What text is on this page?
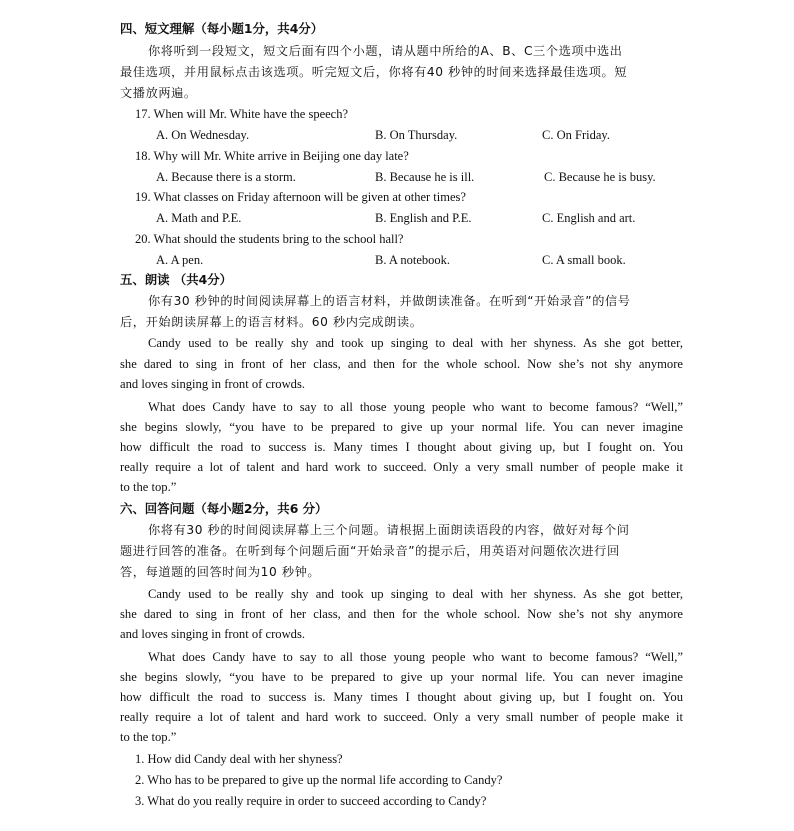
四、短文理解（每小题1分，共4分）
你将听到一段短文，短文后面有四个小题，请从题中所给的A、B、C三个选项中选出
最佳选项，并用鼠标点击该选项。听完短文后，你将有40 秒钟的时间来选择最佳选项。短
文播放两遍。
17. When will Mr. White have the speech?
A. On Wednesday.	B. On Thursday.	C. On Friday.
18. Why will Mr. White arrive in Beijing one day late?
A. Because there is a storm.	B. Because he is ill.	C. Because he is busy.
19. What classes on Friday afternoon will be given at other times?
A. Math and P.E.	B. English and P.E.	C. English and art.
20. What should the students bring to the school hall?
A. A pen.	B. A notebook.	C. A small book.
五、朗读 （共4分）
你有30 秒钟的时间阅读屏幕上的语言材料，并做朗读准备。在听到“开始录音”的信号
后，开始朗读屏幕上的语言材料。60 秒内完成朗读。
Candy used to be really shy and took up singing to deal with her shyness. As she got better,
she dared to sing in front of her class, and then for the whole school. Now she’s not shy anymore
and loves singing in front of crowds.
What does Candy have to say to all those young people who want to become famous? “Well,”
she begins slowly, “you have to be prepared to give up your normal life. You can never imagine
how difficult the road to success is. Many times I thought about giving up, but I fought on. You
really require a lot of talent and hard work to succeed. Only a very small number of people make it
to the top.”
六、回答问题（每小题2分，共6 分）
你将有30 秒的时间阅读屏幕上三个问题。请根据上面朗读语段的内容，做好对每个问
题进行回答的准备。在听到每个问题后面“开始录音”的提示后，用英语对问题依次进行回
答，每道题的回答时间为10 秒钟。
Candy used to be really shy and took up singing to deal with her shyness. As she got better,
she dared to sing in front of her class, and then for the whole school. Now she’s not shy anymore
and loves singing in front of crowds.
What does Candy have to say to all those young people who want to become famous? “Well,”
she begins slowly, “you have to be prepared to give up your normal life. You can never imagine
how difficult the road to success is. Many times I thought about giving up, but I fought on. You
really require a lot of talent and hard work to succeed. Only a very small number of people make it
to the top.”
1. How did Candy deal with her shyness?
2. Who has to be prepared to give up the normal life according to Candy?
3. What do you really require in order to succeed according to Candy?
